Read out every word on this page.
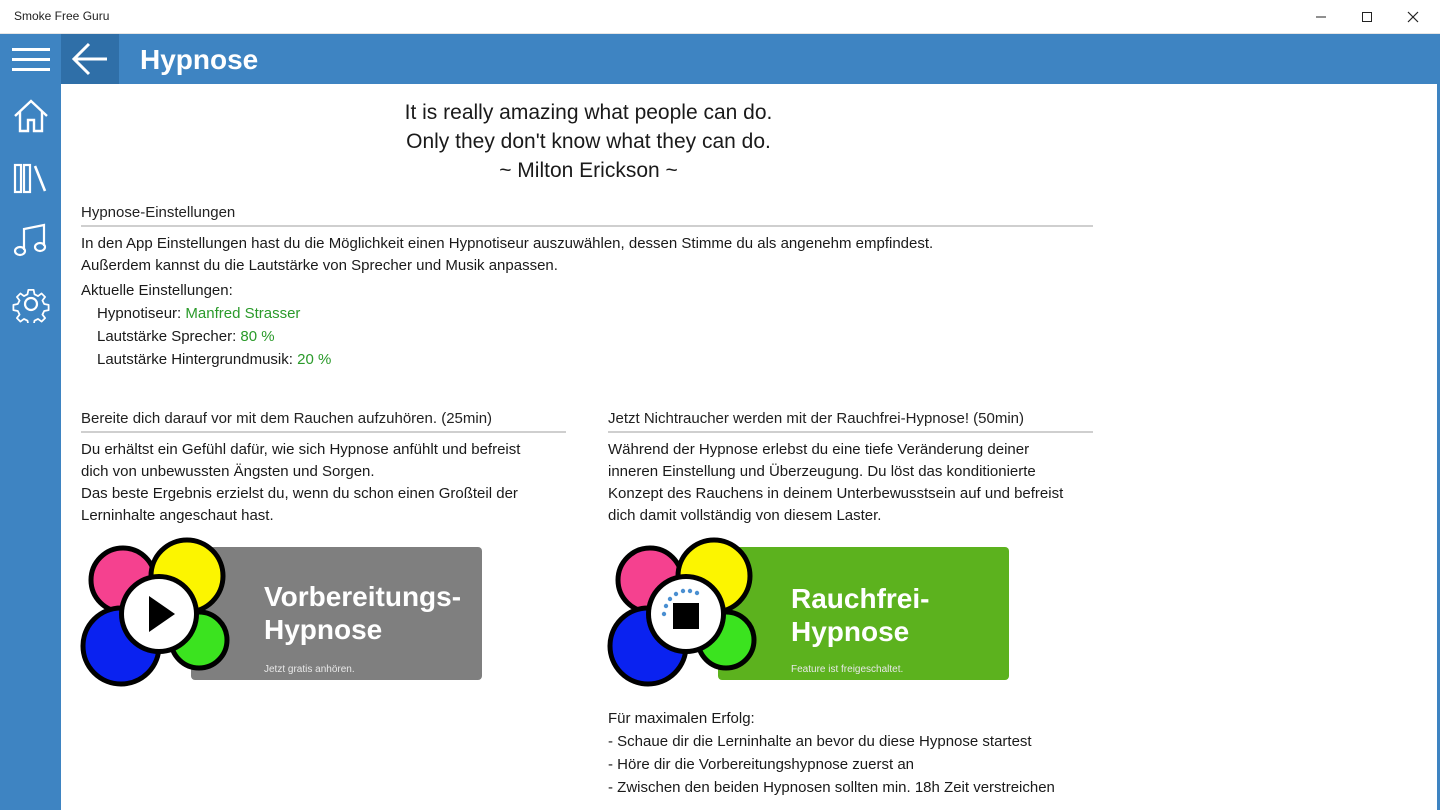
Smoke Free Guru
Hypnose
It is really amazing what people can do.
Only they don't know what they can do.
~ Milton Erickson ~
Hypnose-Einstellungen
In den App Einstellungen hast du die Möglichkeit einen Hypnotiseur auszuwählen, dessen Stimme du als angenehm empfindest.
Außerdem kannst du die Lautstärke von Sprecher und Musik anpassen.
Aktuelle Einstellungen:
Hypnotiseur: Manfred Strasser
Lautstärke Sprecher: 80 %
Lautstärke Hintergrundmusik: 20 %
Bereite dich darauf vor mit dem Rauchen aufzuhören. (25min)
Du erhältst ein Gefühl dafür, wie sich Hypnose anfühlt und befreist
dich von unbewussten Ängsten und Sorgen.
Das beste Ergebnis erzielst du, wenn du schon einen Großteil der
Lerninhalte angeschaut hast.
Vorbereitungs-
Hypnose
Jetzt gratis anhören.
Jetzt Nichtraucher werden mit der Rauchfrei-Hypnose! (50min)
Während der Hypnose erlebst du eine tiefe Veränderung deiner
inneren Einstellung und Überzeugung. Du löst das konditionierte
Konzept des Rauchens in deinem Unterbewusstsein auf und befreist
dich damit vollständig von diesem Laster.
Rauchfrei-
Hypnose
Feature ist freigeschaltet.
Für maximalen Erfolg:
- Schaue dir die Lerninhalte an bevor du diese Hypnose startest
- Höre dir die Vorbereitungshypnose zuerst an
- Zwischen den beiden Hypnosen sollten min. 18h Zeit verstreichen
